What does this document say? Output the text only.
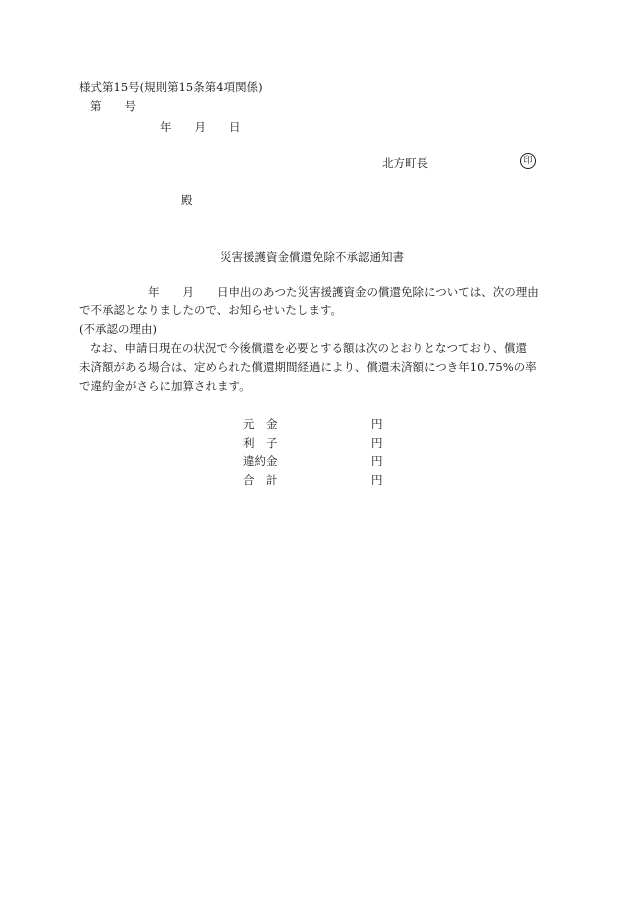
様式第15号(規則第15条第4項関係)
第　　号
年　　月　　日
北方町長	印
殿
災害援護資金償還免除不承認通知書
年　　月　　日申出のあつた災害援護資金の償還免除については、次の理由
で不承認となりましたので、お知らせいたします。
(不承認の理由)
なお、申請日現在の状況で今後償還を必要とする額は次のとおりとなつており、償還
未済額がある場合は、定められた償還期間経過により、償還未済額につき年10.75%の率
で違約金がさらに加算されます。
元　金	円
利　子	円
違約金	円
合　計	円
